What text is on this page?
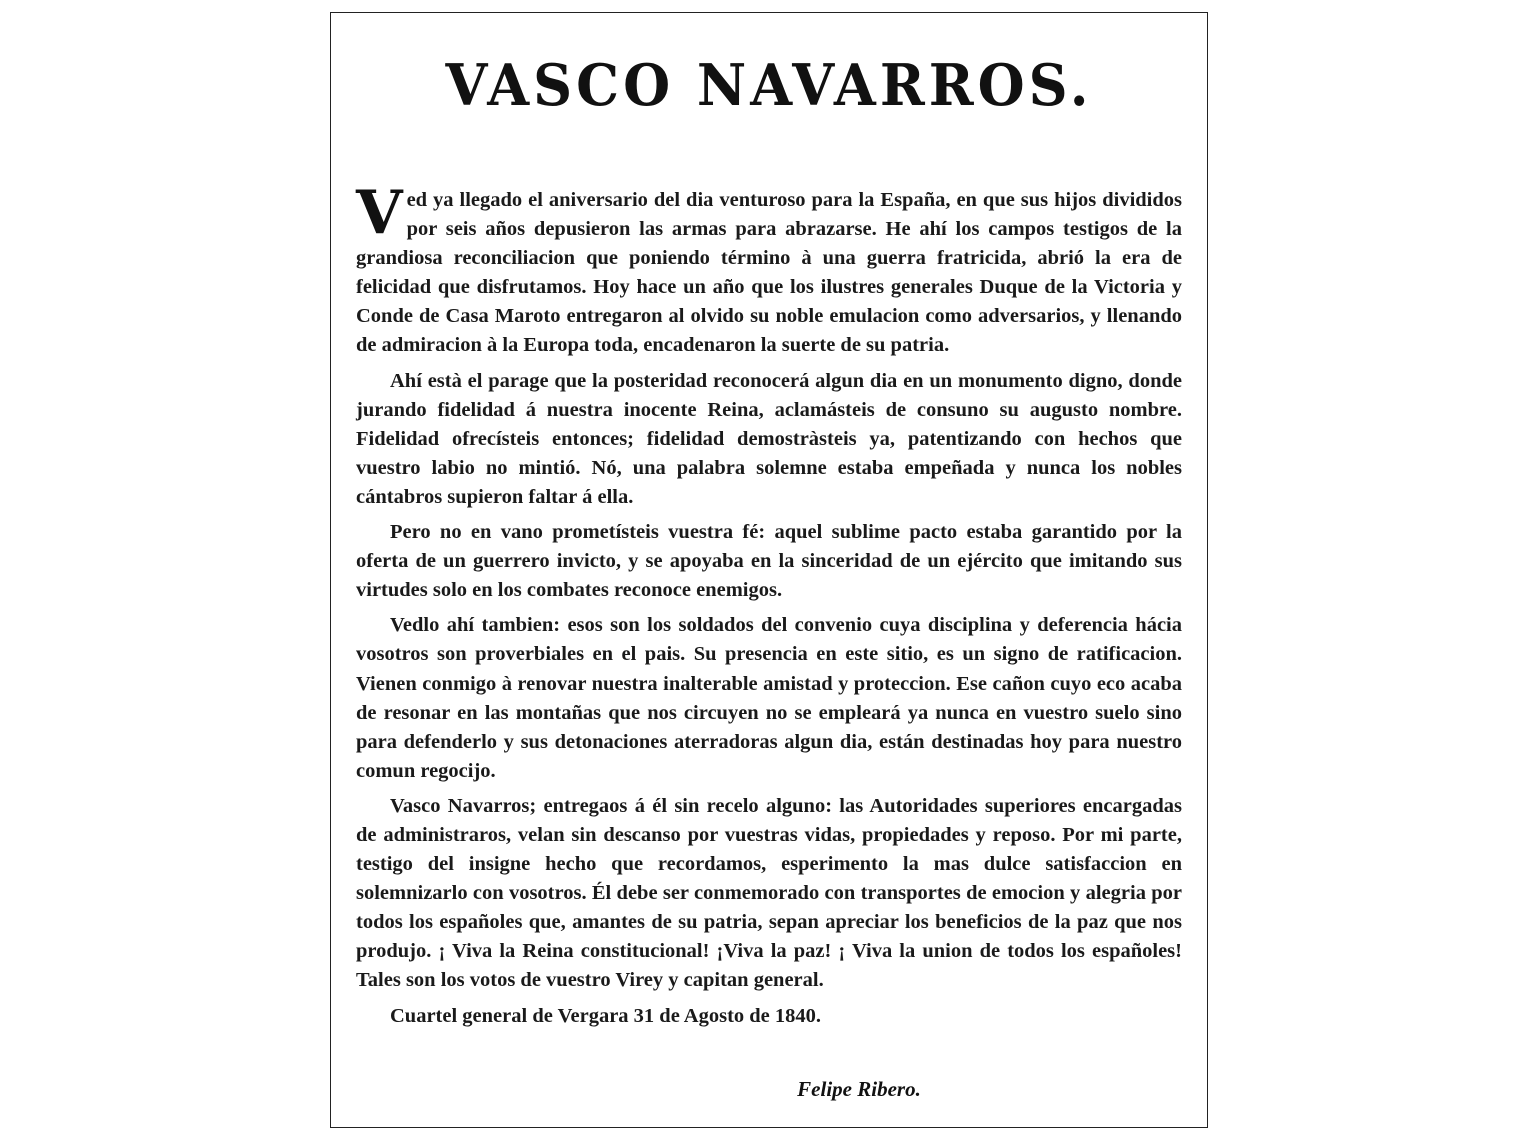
VASCO NAVARROS.

Ved ya llegado el aniversario del dia venturoso para la España, en que sus hijos divididos por seis años depusieron las armas para abrazarse. He ahí los campos testigos de la grandiosa reconciliacion que poniendo término à una guerra fratricida, abrió la era de felicidad que disfrutamos. Hoy hace un año que los ilustres generales Duque de la Victoria y Conde de Casa Maroto entregaron al olvido su noble emulacion como adversarios, y llenando de admiracion à la Europa toda, encadenaron la suerte de su patria.

Ahí està el parage que la posteridad reconocerá algun dia en un monumento digno, donde jurando fidelidad á nuestra inocente Reina, aclamásteis de consuno su augusto nombre. Fidelidad ofrecísteis entonces; fidelidad demostràsteis ya, patentizando con hechos que vuestro labio no mintió. Nó, una palabra solemne estaba empeñada y nunca los nobles cántabros supieron faltar á ella.

Pero no en vano prometísteis vuestra fé: aquel sublime pacto estaba garantido por la oferta de un guerrero invicto, y se apoyaba en la sinceridad de un ejército que imitando sus virtudes solo en los combates reconoce enemigos.

Vedlo ahí tambien: esos son los soldados del convenio cuya disciplina y deferencia hácia vosotros son proverbiales en el pais. Su presencia en este sitio, es un signo de ratificacion. Vienen conmigo à renovar nuestra inalterable amistad y proteccion. Ese cañon cuyo eco acaba de resonar en las montañas que nos circuyen no se empleará ya nunca en vuestro suelo sino para defenderlo y sus detonaciones aterradoras algun dia, están destinadas hoy para nuestro comun regocijo.

Vasco Navarros; entregaos á él sin recelo alguno: las Autoridades superiores encargadas de administraros, velan sin descanso por vuestras vidas, propiedades y reposo. Por mi parte, testigo del insigne hecho que recordamos, esperimento la mas dulce satisfaccion en solemnizarlo con vosotros. Él debe ser conmemorado con transportes de emocion y alegria por todos los españoles que, amantes de su patria, sepan apreciar los beneficios de la paz que nos produjo. ¡ Viva la Reina constitucional! ¡Viva la paz! ¡ Viva la union de todos los españoles! Tales son los votos de vuestro Virey y capitan general.

Cuartel general de Vergara 31 de Agosto de 1840.

Felipe Ribero.
